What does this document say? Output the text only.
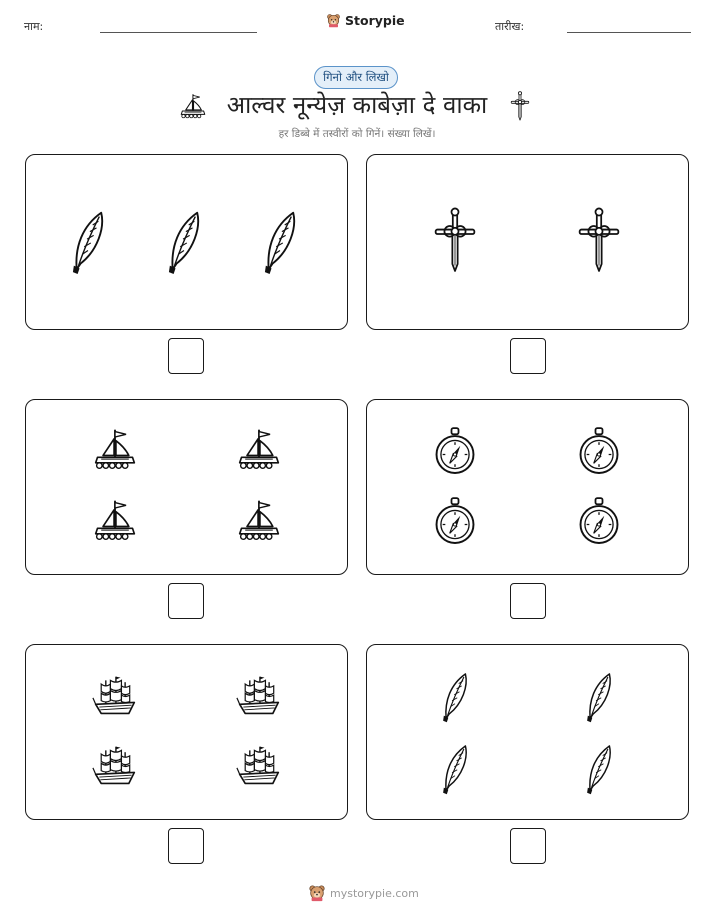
नाम:	Storypie	तारीख:
गिनो और लिखो
आल्वर नून्येज़ काबेज़ा दे वाका
हर डिब्बे में तस्वीरों को गिनें। संख्या लिखें।
mystorypie.com
